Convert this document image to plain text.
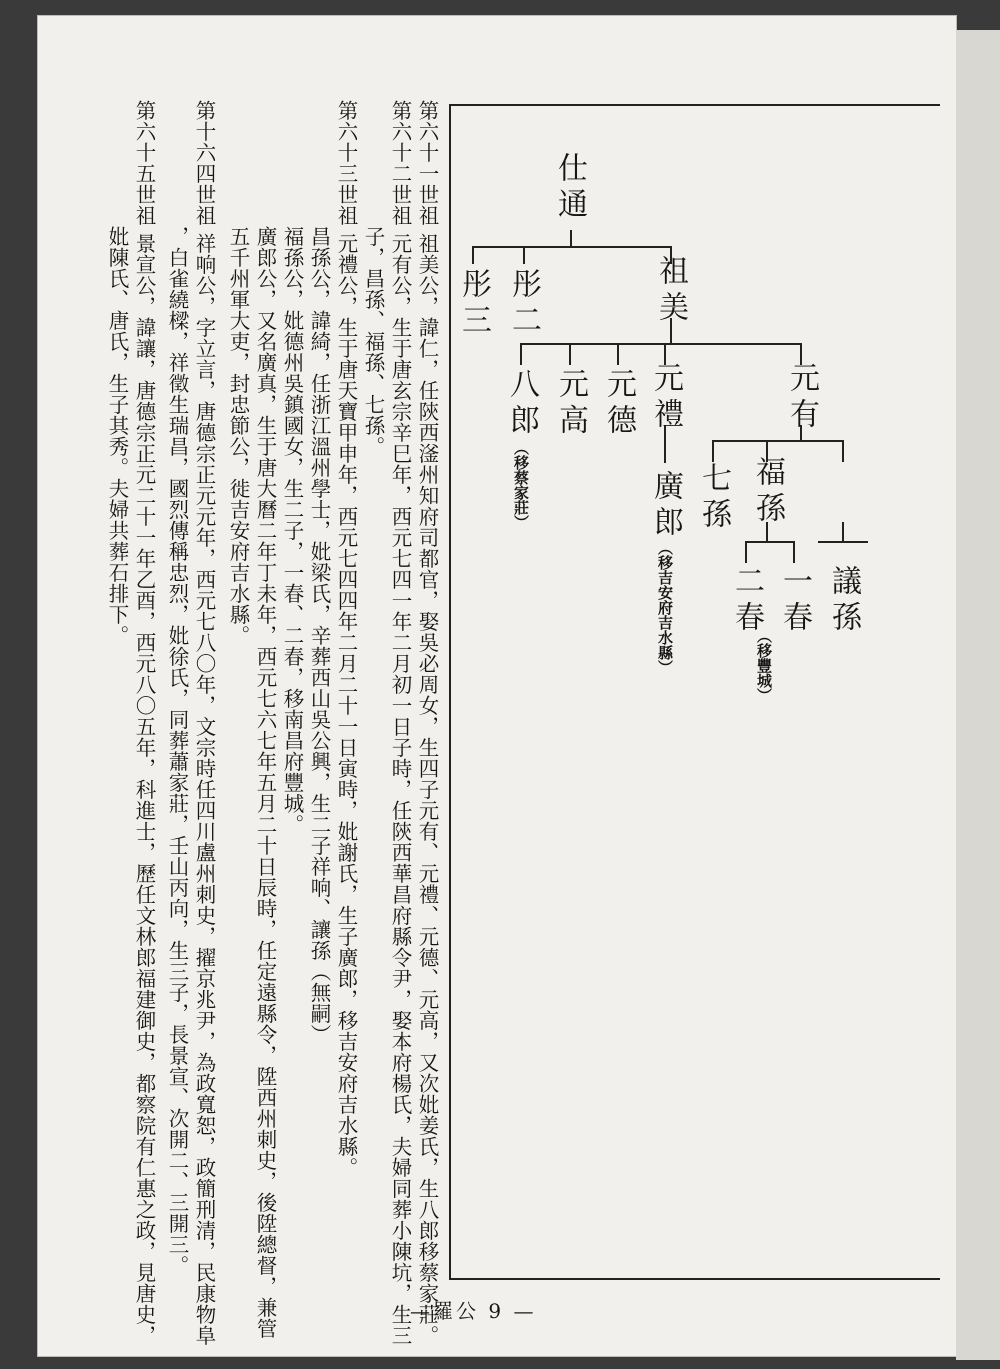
第六十一世祖 祖美公，諱仁，任陝西滏州知府司都官，娶吳必周女，生四子元有、元禮、元德、元高，又次妣姜氏，生八郎移蔡家莊。
第六十二世祖 元有公，生于唐玄宗辛巳年，西元七四一年二月初一日子時，任陝西華昌府縣令尹，娶本府楊氏，夫婦同葬小陳坑，生三
子，昌孫、福孫、七孫。
第六十三世祖 元禮公，生于唐天寶甲申年，西元七四四年二月二十一日寅時，妣謝氏，生子廣郎，移吉安府吉水縣。
昌孫公，諱綺，任浙江溫州學士，妣梁氏，辛葬西山吳公興，生二子祥响、讓孫（無嗣）
福孫公，妣德州吳鎮國女，生二子，一春、二春，移南昌府豐城。
廣郎公，又名廣真，生于唐大曆二年丁未年，西元七六七年五月二十日辰時，任定遠縣令，陞西州刺史，後陞總督，兼管
五千州軍大吏，封忠節公，徙吉安府吉水縣。
第十六四世祖 祥响公，字立言，唐德宗正元元年，西元七八〇年，文宗時任四川盧州刺史，擢京兆尹，為政寬恕，政簡刑清，民康物阜
，白雀繞樑，祥徵生瑞昌，國烈傳稱忠烈，妣徐氏，同葬蕭家莊，壬山丙向，生三子，長景宣、次開二、三開三。
第六十五世祖 景宣公，諱讓，唐德宗正元二十一年乙酉，西元八〇五年，科進士，歷任文林郎福建御史，都察院有仁惠之政，見唐史，
妣陳氏、唐氏，生子其秀。夫婦共葬石排下。
仕通
彤三 彤二	祖美
八郎
（移蔡家莊）
元高 元德 元禮
廣郎
（移吉安府吉水縣）
元有
七孫 福孫
二春 一春
（移豐城）
議孫
—羅公 9 —
